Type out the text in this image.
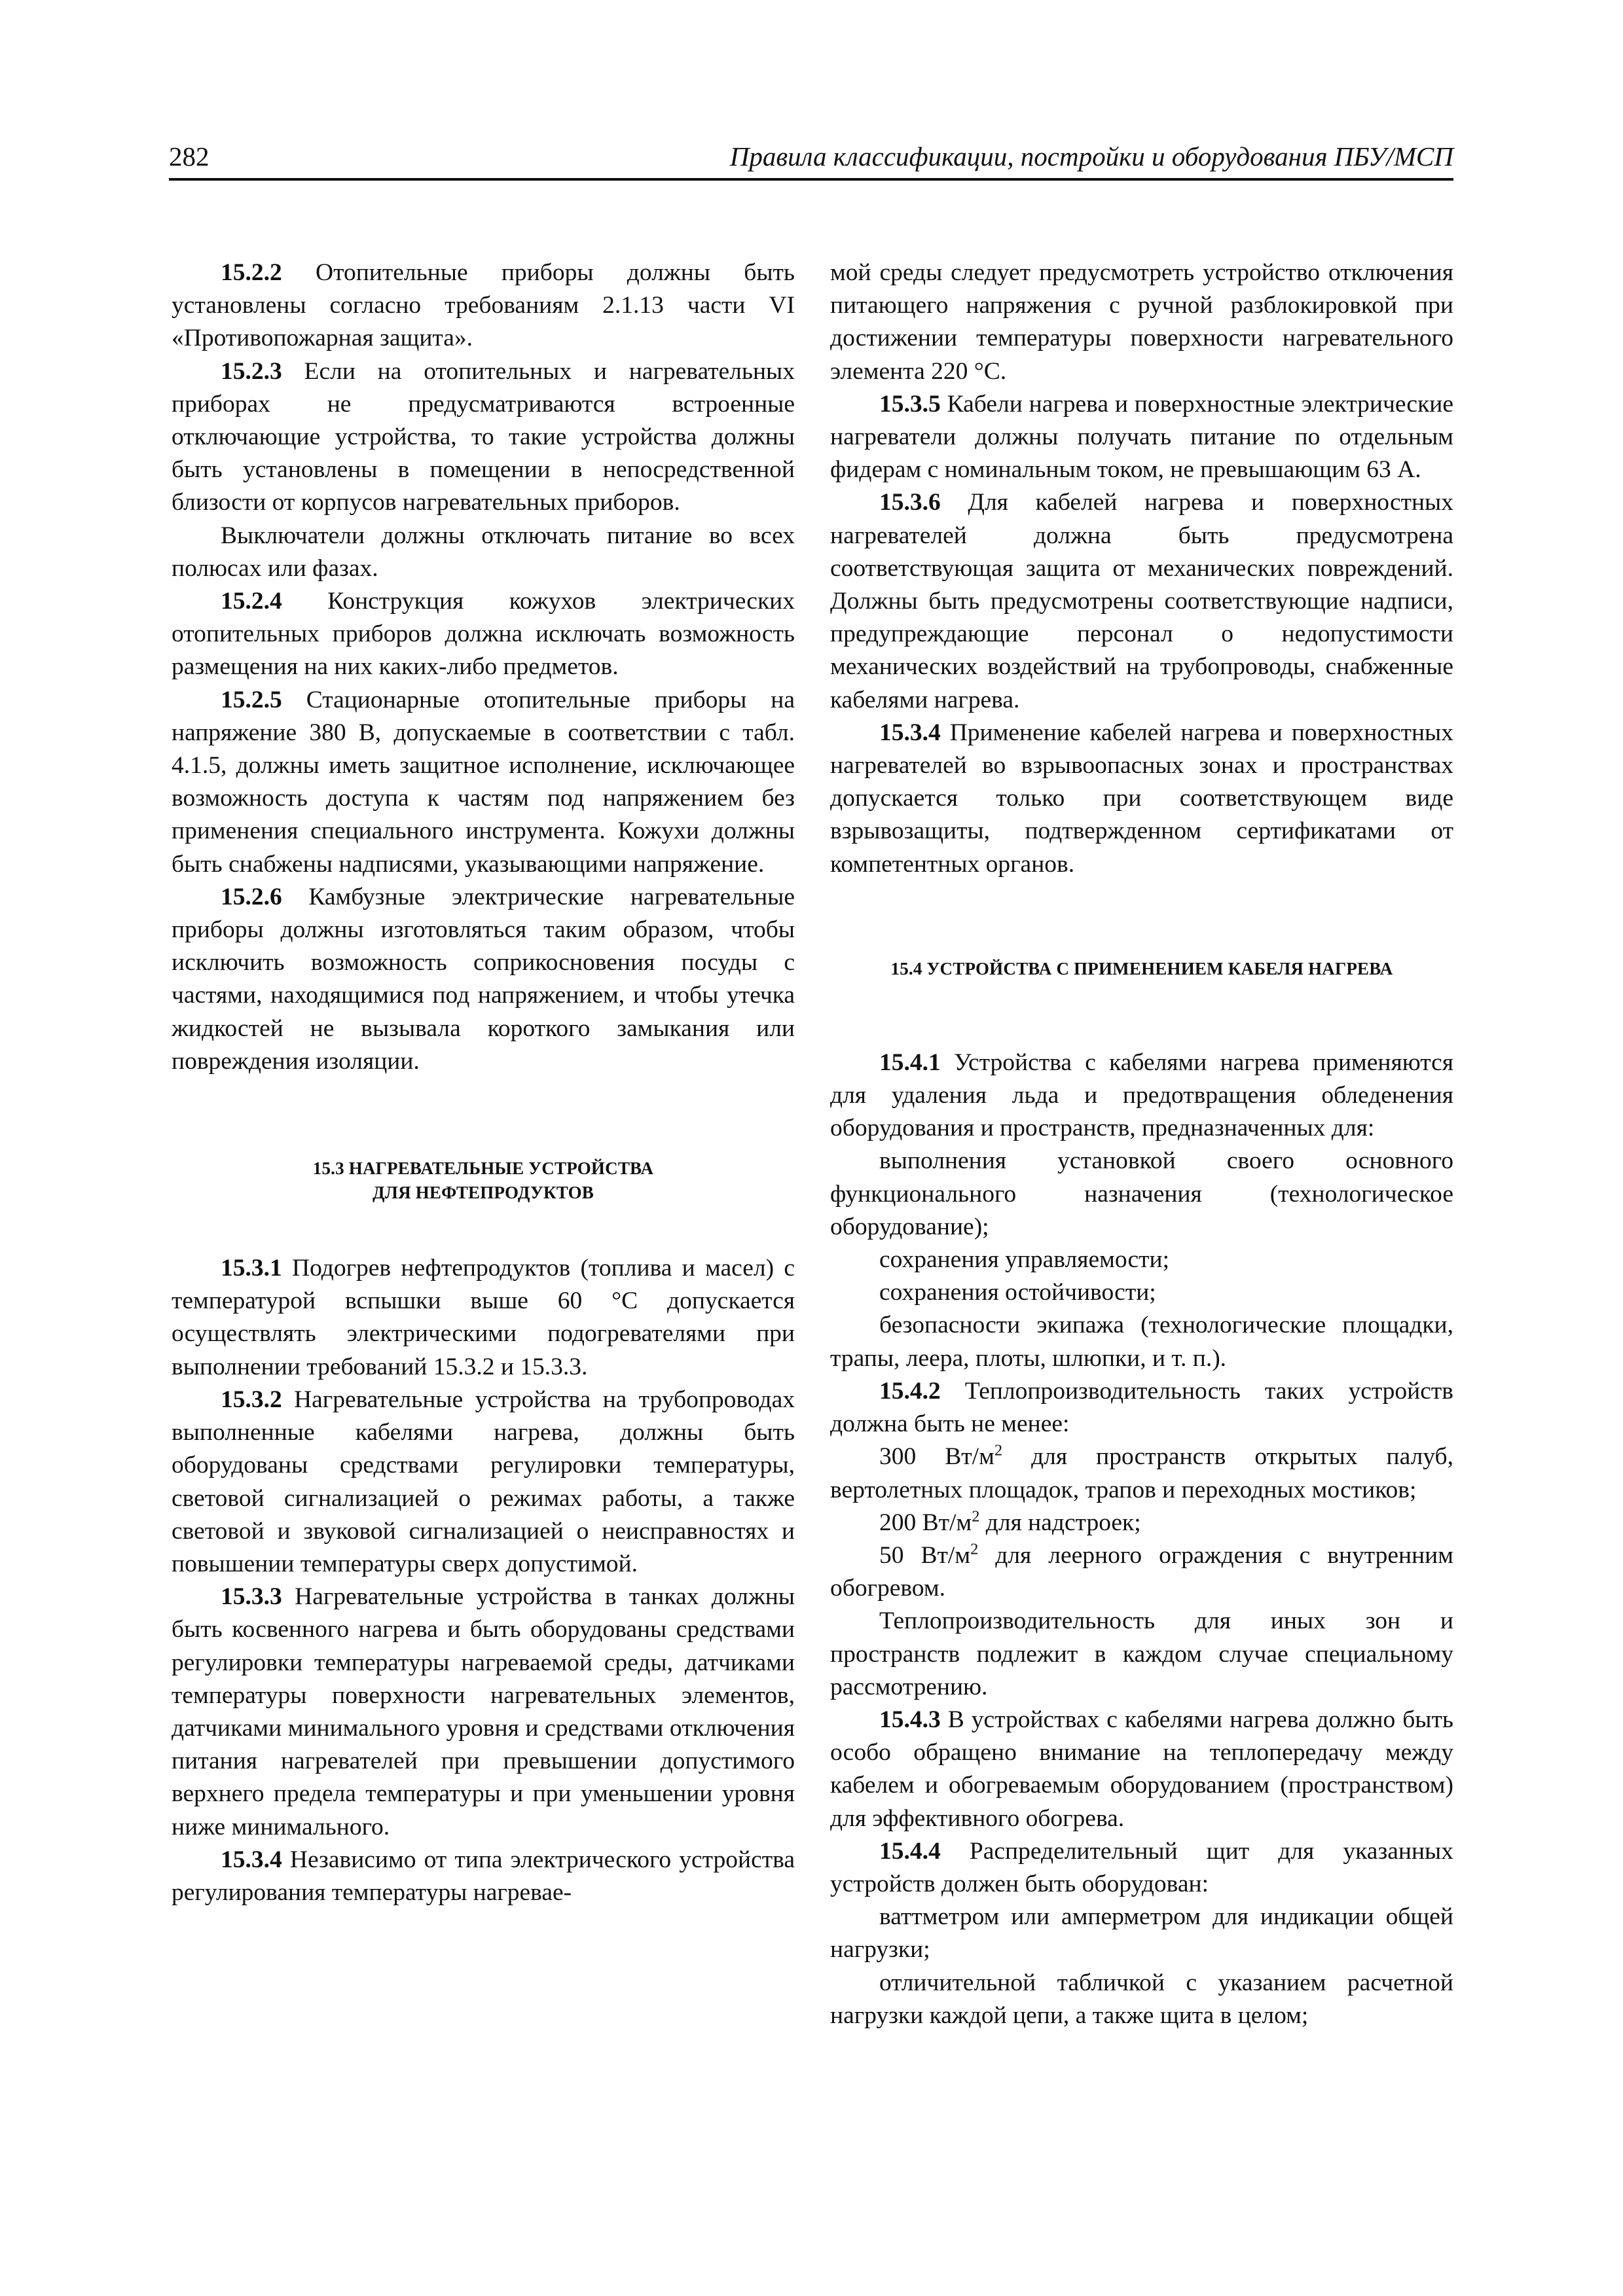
282	Правила классификации, постройки и оборудования ПБУ/МСП

15.2.2 Отопительные приборы должны быть установлены согласно требованиям 2.1.13 части VI «Противопожарная защита».

15.2.3 Если на отопительных и нагревательных приборах не предусматриваются встроенные отключающие устройства, то такие устройства должны быть установлены в помещении в непосредственной близости от корпусов нагревательных приборов.

Выключатели должны отключать питание во всех полюсах или фазах.

15.2.4 Конструкция кожухов электрических отопительных приборов должна исключать возможность размещения на них каких-либо предметов.

15.2.5 Стационарные отопительные приборы на напряжение 380 В, допускаемые в соответствии с табл. 4.1.5, должны иметь защитное исполнение, исключающее возможность доступа к частям под напряжением без применения специального инструмента. Кожухи должны быть снабжены надписями, указывающими напряжение.

15.2.6 Камбузные электрические нагревательные приборы должны изготовляться таким образом, чтобы исключить возможность соприкосновения посуды с частями, находящимися под напряжением, и чтобы утечка жидкостей не вызывала короткого замыкания или повреждения изоляции.

15.3 НАГРЕВАТЕЛЬНЫЕ УСТРОЙСТВА
ДЛЯ НЕФТЕПРОДУКТОВ

15.3.1 Подогрев нефтепродуктов (топлива и масел) с температурой вспышки выше 60 °С допускается осуществлять электрическими подогревателями при выполнении требований 15.3.2 и 15.3.3.

15.3.2 Нагревательные устройства на трубопроводах выполненные кабелями нагрева, должны быть оборудованы средствами регулировки температуры, световой сигнализацией о режимах работы, а также световой и звуковой сигнализацией о неисправностях и повышении температуры сверх допустимой.

15.3.3 Нагревательные устройства в танках должны быть косвенного нагрева и быть оборудованы средствами регулировки температуры нагреваемой среды, датчиками температуры поверхности нагревательных элементов, датчиками минимального уровня и средствами отключения питания нагревателей при превышении допустимого верхнего предела температуры и при уменьшении уровня ниже минимального.

15.3.4 Независимо от типа электрического устройства регулирования температуры нагревае-

мой среды следует предусмотреть устройство отключения питающего напряжения с ручной разблокировкой при достижении температуры поверхности нагревательного элемента 220 °С.

15.3.5 Кабели нагрева и поверхностные электрические нагреватели должны получать питание по отдельным фидерам с номинальным током, не превышающим 63 А.

15.3.6 Для кабелей нагрева и поверхностных нагревателей должна быть предусмотрена соответствующая защита от механических повреждений. Должны быть предусмотрены соответствующие надписи, предупреждающие персонал о недопустимости механических воздействий на трубопроводы, снабженные кабелями нагрева.

15.3.4 Применение кабелей нагрева и поверхностных нагревателей во взрывоопасных зонах и пространствах допускается только при соответствующем виде взрывозащиты, подтвержденном сертификатами от компетентных органов.

15.4 УСТРОЙСТВА С ПРИМЕНЕНИЕМ КАБЕЛЯ НАГРЕВА

15.4.1 Устройства с кабелями нагрева применяются для удаления льда и предотвращения обледенения оборудования и пространств, предназначенных для:

выполнения установкой своего основного функционального назначения (технологическое оборудование);

сохранения управляемости;

сохранения остойчивости;

безопасности экипажа (технологические площадки, трапы, леера, плоты, шлюпки, и т. п.).

15.4.2 Теплопроизводительность таких устройств должна быть не менее:

300 $Вт/м^2$ для пространств открытых палуб, вертолетных площадок, трапов и переходных мостиков;

200 $Вт/м^2$ для надстроек;

50 $Вт/м^2$ для леерного ограждения с внутренним обогревом.

Теплопроизводительность для иных зон и пространств подлежит в каждом случае специальному рассмотрению.

15.4.3 В устройствах с кабелями нагрева должно быть особо обращено внимание на теплопередачу между кабелем и обогреваемым оборудованием (пространством) для эффективного обогрева.

15.4.4 Распределительный щит для указанных устройств должен быть оборудован:

ваттметром или амперметром для индикации общей нагрузки;

отличительной табличкой с указанием расчетной нагрузки каждой цепи, а также щита в целом;
